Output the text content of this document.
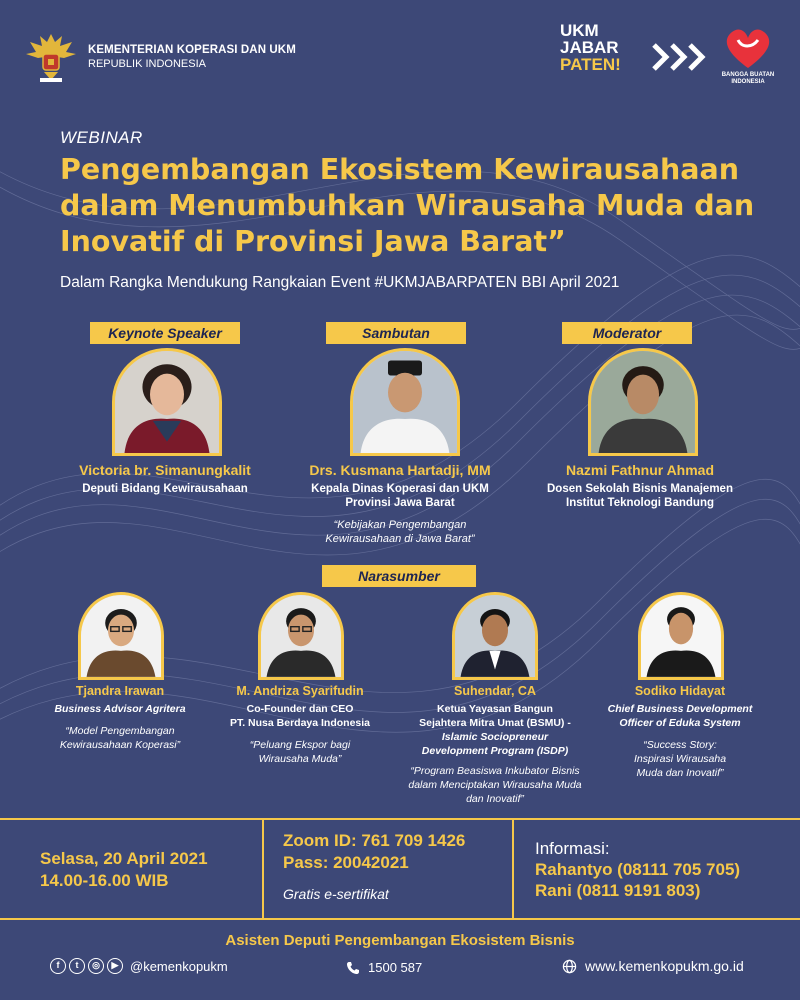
KEMENTERIAN KOPERASI DAN UKM
REPUBLIK INDONESIA
UKM
JABAR
PATEN!
BANGGA BUATAN INDONESIA
WEBINAR
Pengembangan Ekosistem Kewirausahaan
dalam Menumbuhkan Wirausaha Muda dan
Inovatif di Provinsi Jawa Barat”
Dalam Rangka Mendukung Rangkaian Event #UKMJABARPATEN BBI April 2021
Keynote Speaker	Sambutan	Moderator
Victoria br. Simanungkalit
Deputi Bidang Kewirausahaan
Drs. Kusmana Hartadji, MM
Kepala Dinas Koperasi dan UKM
Provinsi Jawa Barat
“Kebijakan Pengembangan
Kewirausahaan di Jawa Barat”
Nazmi Fathnur Ahmad
Dosen Sekolah Bisnis Manajemen
Institut Teknologi Bandung
Narasumber
Tjandra Irawan
Business Advisor Agritera
“Model Pengembangan
Kewirausahaan Koperasi”
M. Andriza Syarifudin
Co-Founder dan CEO
PT. Nusa Berdaya Indonesia
“Peluang Ekspor bagi
Wirausaha Muda”
Suhendar, CA
Ketua Yayasan Bangun
Sejahtera Mitra Umat (BSMU) -
Islamic Sociopreneur
Development Program (ISDP)
“Program Beasiswa Inkubator Bisnis
dalam Menciptakan Wirausaha Muda
dan Inovatif”
Sodiko Hidayat
Chief Business Development
Officer of Eduka System
“Success Story:
Inspirasi Wirausaha
Muda dan Inovatif”
Selasa, 20 April 2021
14.00-16.00 WIB
Zoom ID: 761 709 1426
Pass: 20042021
Gratis e-sertifikat
Informasi:
Rahantyo (08111 705 705)
Rani (0811 9191 803)
Asisten Deputi Pengembangan Ekosistem Bisnis
f	t	◎	▶ @kemenkopukm	1500 587	www.kemenkopukm.go.id
